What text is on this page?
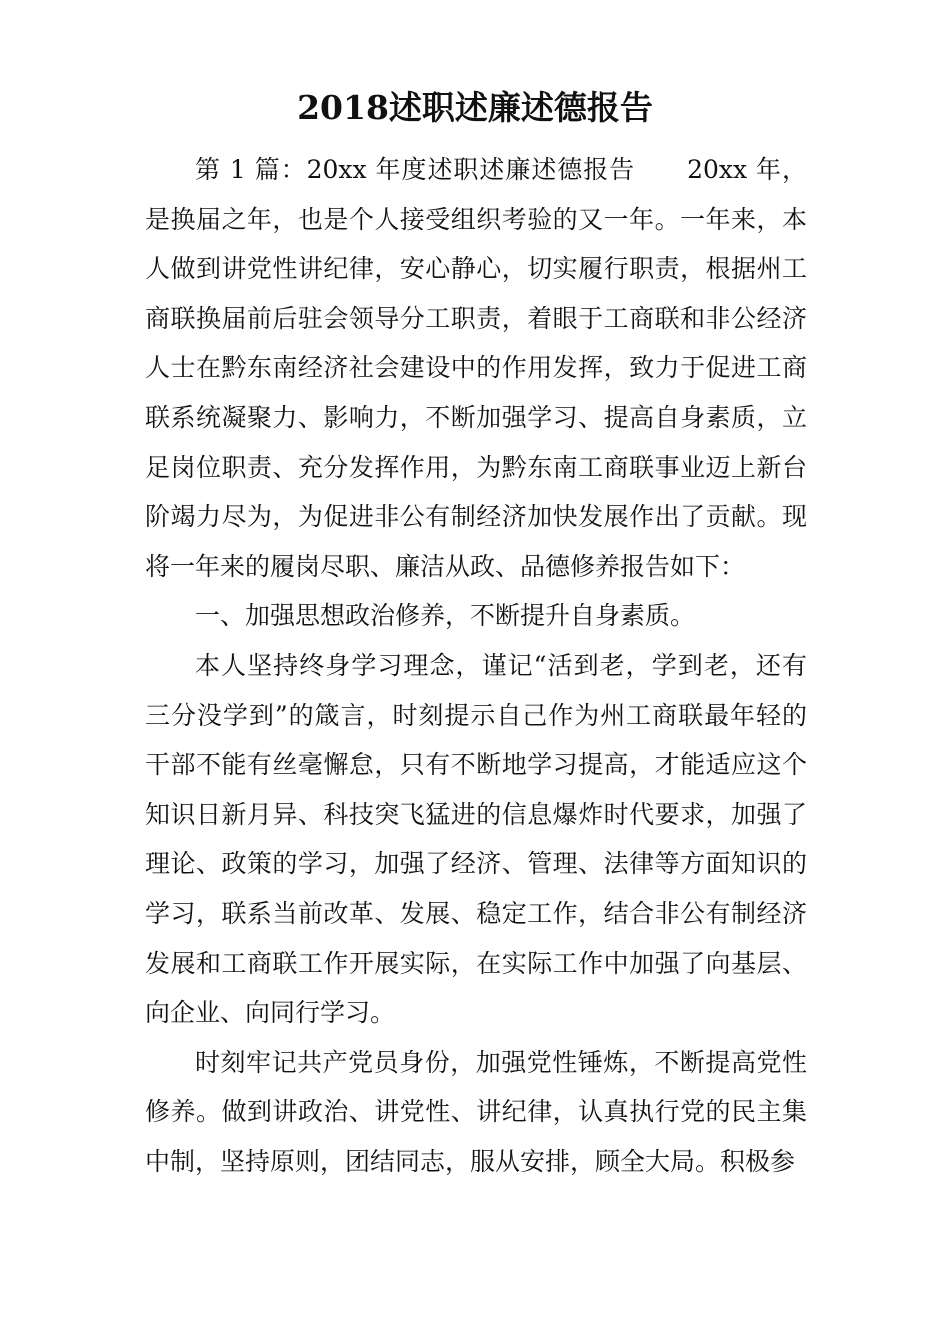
2018述职述廉述德报告

第 1 篇：20xx 年度述职述廉述德报告　　20xx 年，是换届之年，也是个人接受组织考验的又一年。一年来，本人做到讲党性讲纪律，安心静心，切实履行职责，根据州工商联换届前后驻会领导分工职责，着眼于工商联和非公经济人士在黔东南经济社会建设中的作用发挥，致力于促进工商联系统凝聚力、影响力，不断加强学习、提高自身素质，立足岗位职责、充分发挥作用，为黔东南工商联事业迈上新台阶竭力尽为，为促进非公有制经济加快发展作出了贡献。现将一年来的履岗尽职、廉洁从政、品德修养报告如下：

一、加强思想政治修养，不断提升自身素质。

本人坚持终身学习理念，谨记“活到老，学到老，还有三分没学到”的箴言，时刻提示自己作为州工商联最年轻的干部不能有丝毫懈怠，只有不断地学习提高，才能适应这个知识日新月异、科技突飞猛进的信息爆炸时代要求，加强了理论、政策的学习，加强了经济、管理、法律等方面知识的学习，联系当前改革、发展、稳定工作，结合非公有制经济发展和工商联工作开展实际，在实际工作中加强了向基层、向企业、向同行学习。

时刻牢记共产党员身份，加强党性锤炼，不断提高党性修养。做到讲政治、讲党性、讲纪律，认真执行党的民主集中制，坚持原则，团结同志，服从安排，顾全大局。积极参
